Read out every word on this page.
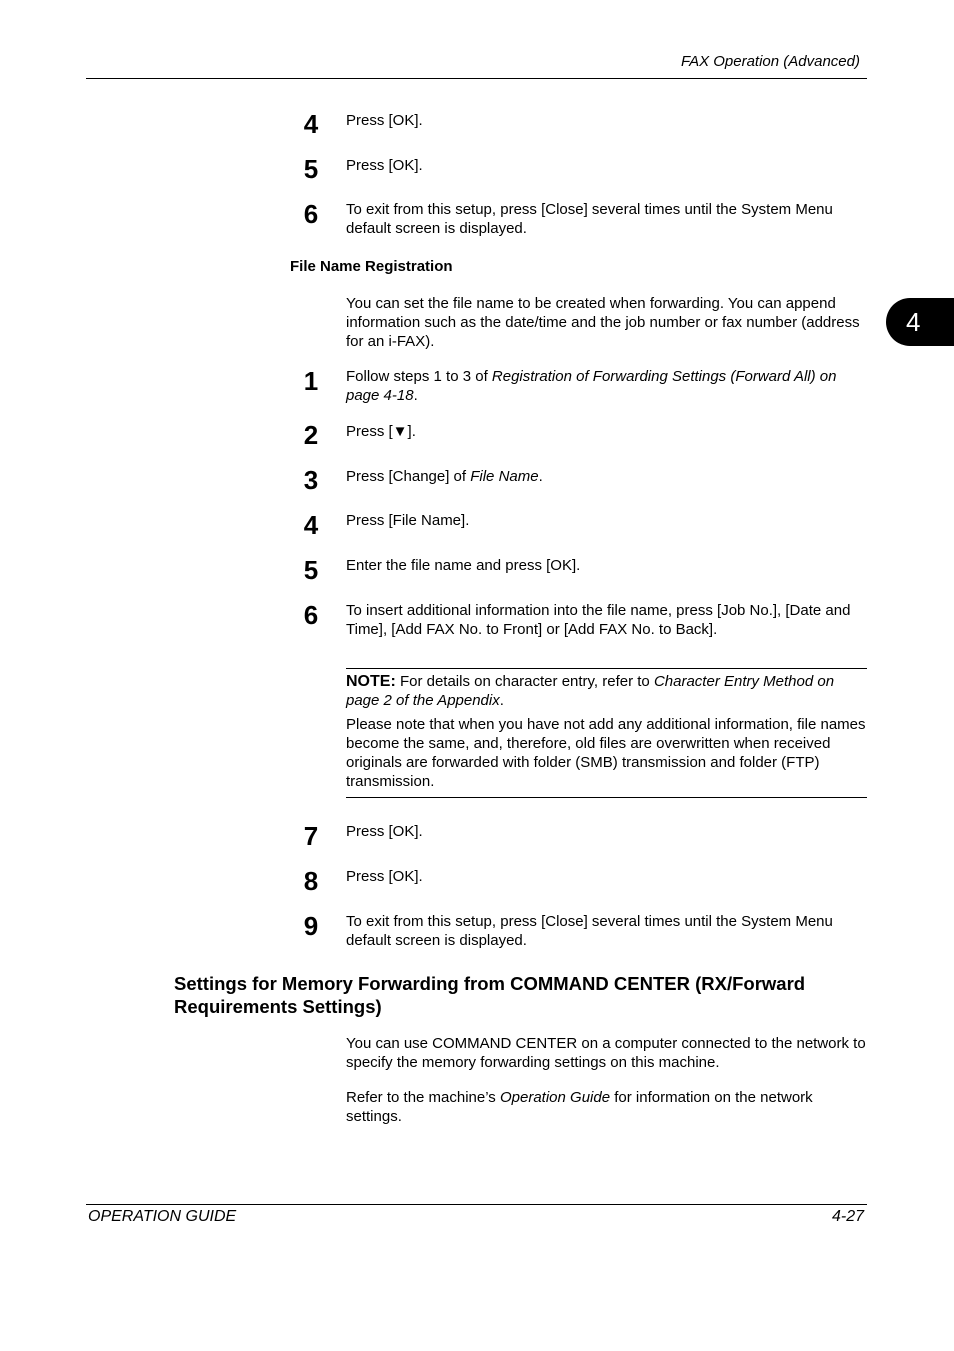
FAX Operation (Advanced)
4
4	Press [OK].
5	Press [OK].
6	To exit from this setup, press [Close] several times until the System Menu default screen is displayed.
File Name Registration
You can set the file name to be created when forwarding. You can append information such as the date/time and the job number or fax number (address for an i-FAX).
1	Follow steps 1 to 3 of Registration of Forwarding Settings (Forward All) on page 4-18.
2	Press [▼].
3	Press [Change] of File Name.
4	Press [File Name].
5	Enter the file name and press [OK].
6	To insert additional information into the file name, press [Job No.], [Date and Time], [Add FAX No. to Front] or [Add FAX No. to Back].

NOTE: For details on character entry, refer to Character Entry Method on page 2 of the Appendix.

Please note that when you have not add any additional information, file names become the same, and, therefore, old files are overwritten when received originals are forwarded with folder (SMB) transmission and folder (FTP) transmission.

7	Press [OK].
8	Press [OK].
9	To exit from this setup, press [Close] several times until the System Menu default screen is displayed.
Settings for Memory Forwarding from COMMAND CENTER (RX/Forward Requirements Settings)
You can use COMMAND CENTER on a computer connected to the network to specify the memory forwarding settings on this machine.
Refer to the machine’s Operation Guide for information on the network settings.
OPERATION GUIDE	4-27
